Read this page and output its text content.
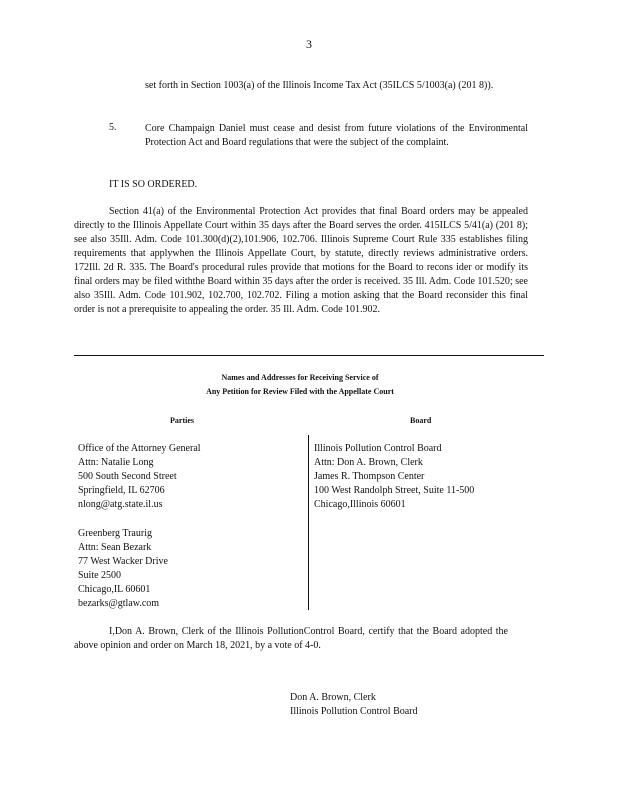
3
set forth in Section 1003(a) of the Illinois Income Tax Act (35ILCS 5/1003(a) (201 8)).
5.	Core Champaign Daniel must cease and desist from future violations of the Environmental Protection Act and Board regulations that were the subject of the complaint.
IT IS SO ORDERED.
Section 41(a) of the Environmental Protection Act provides that final Board orders may be appealed directly to the Illinois Appellate Court within 35 days after the Board serves the order. 415ILCS 5/41(a) (201 8); see also 35Ill. Adm. Code 101.300(d)(2),101.906, 102.706. Illinois Supreme Court Rule 335 establishes filing requirements that applywhen the Illinois Appellate Court, by statute, directly reviews administrative orders. 172Ill. 2d R. 335. The Board's procedural rules provide that motions for the Board to recons ider or modify its final orders may be filed withthe Board within 35 days after the order is received. 35 Ill. Adm. Code 101.520; see also 35Ill. Adm. Code 101.902, 102.700, 102.702. Filing a motion asking that the Board reconsider this final order is not a prerequisite to appealing the order. 35 Ill. Adm. Code 101.902.
Names and Addresses for Receiving Service of
Any Petition for Review Filed with the Appellate Court
Parties	Board
Office of the Attorney General
Attn: Natalie Long
500 South Second Street
Springfield, IL 62706
nlong@atg.state.il.us
Greenberg Traurig
Attn: Sean Bezark
77 West Wacker Drive
Suite 2500
Chicago,IL 60601
bezarks@gtlaw.com
Illinois Pollution Control Board
Attn: Don A. Brown, Clerk
James R. Thompson Center
100 West Randolph Street, Suite 11-500
Chicago,Illinois 60601
I,Don A. Brown, Clerk of the Illinois PollutionControl Board, certify that the Board adopted the above opinion and order on March 18, 2021, by a vote of 4-0.
Don A. Brown, Clerk
Illinois Pollution Control Board
